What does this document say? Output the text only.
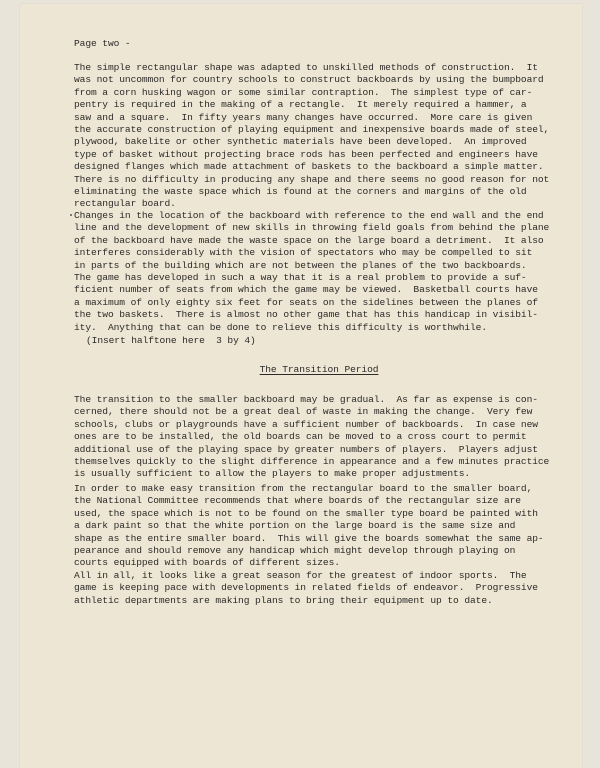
Page two -
The simple rectangular shape was adapted to unskilled methods of construction.  It
was not uncommon for country schools to construct backboards by using the bumpboard
from a corn husking wagon or some similar contraption.  The simplest type of car-
pentry is required in the making of a rectangle.  It merely required a hammer, a
saw and a square.  In fifty years many changes have occurred.  More care is given
the accurate construction of playing equipment and inexpensive boards made of steel,
plywood, bakelite or other synthetic materials have been developed.  An improved
type of basket without projecting brace rods has been perfected and engineers have
designed flanges which made attachment of baskets to the backboard a simple matter.
There is no difficulty in producing any shape and there seems no good reason for not
eliminating the waste space which is found at the corners and margins of the old
rectangular board.
Changes in the location of the backboard with reference to the end wall and the end
line and the development of new skills in throwing field goals from behind the plane
of the backboard have made the waste space on the large board a detriment.  It also
interferes considerably with the vision of spectators who may be compelled to sit
in parts of the building which are not between the planes of the two backboards.
The game has developed in such a way that it is a real problem to provide a suf-
ficient number of seats from which the game may be viewed.  Basketball courts have
a maximum of only eighty six feet for seats on the sidelines between the planes of
the two baskets.  There is almost no other game that has this handicap in visibil-
ity.  Anything that can be done to relieve this difficulty is worthwhile.
(Insert halftone here  3 by 4)
The Transition Period
The transition to the smaller backboard may be gradual.  As far as expense is con-
cerned, there should not be a great deal of waste in making the change.  Very few
schools, clubs or playgrounds have a sufficient number of backboards.  In case new
ones are to be installed, the old boards can be moved to a cross court to permit
additional use of the playing space by greater numbers of players.  Players adjust
themselves quickly to the slight difference in appearance and a few minutes practice
is usually sufficient to allow the players to make proper adjustments.
In order to make easy transition from the rectangular board to the smaller board,
the National Committee recommends that where boards of the rectangular size are
used, the space which is not to be found on the smaller type board be painted with
a dark paint so that the white portion on the large board is the same size and
shape as the entire smaller board.  This will give the boards somewhat the same ap-
pearance and should remove any handicap which might develop through playing on
courts equipped with boards of different sizes.
All in all, it looks like a great season for the greatest of indoor sports.  The
game is keeping pace with developments in related fields of endeavor.  Progressive
athletic departments are making plans to bring their equipment up to date.
